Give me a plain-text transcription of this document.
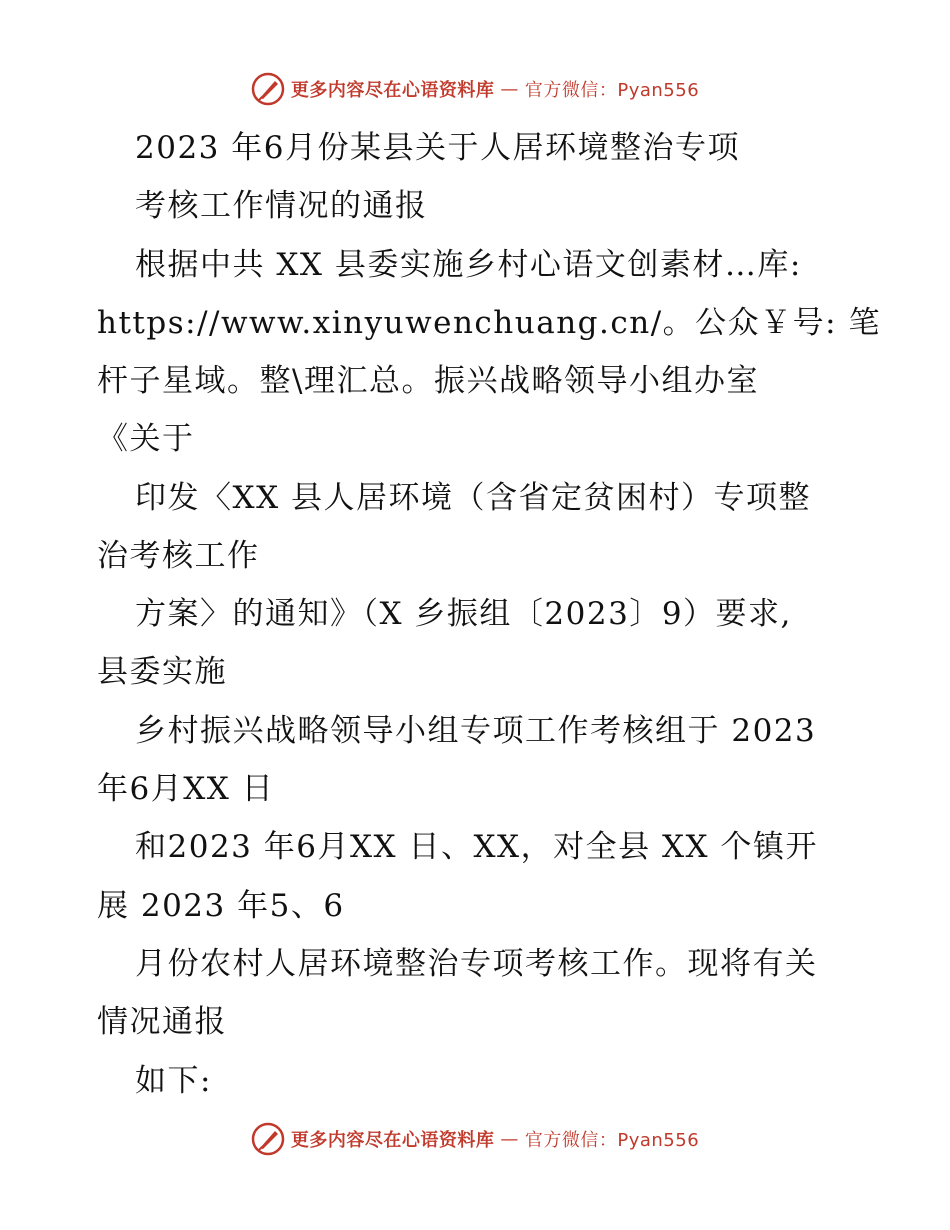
更多内容尽在心语资料库 — 官方微信：Pyan556
2023 年6月份某县关于人居环境整治专项
考核工作情况的通报
根据中共 XX 县委实施乡村心语文创素材…库:
https://www.xinyuwenchuang.cn/。公众￥号: 笔
杆子星域。整\理汇总。振兴战略领导小组办室
《关于
印发〈XX 县人居环境（含省定贫困村）专项整
治考核工作
方案〉的通知》（X 乡振组〔2023〕9）要求,
县委实施
乡村振兴战略领导小组专项工作考核组于 2023
年6月XX 日
和2023 年6月XX 日、XX，对全县 XX 个镇开
展 2023 年5、6
月份农村人居环境整治专项考核工作。现将有关
情况通报
如下:
更多内容尽在心语资料库 — 官方微信：Pyan556
